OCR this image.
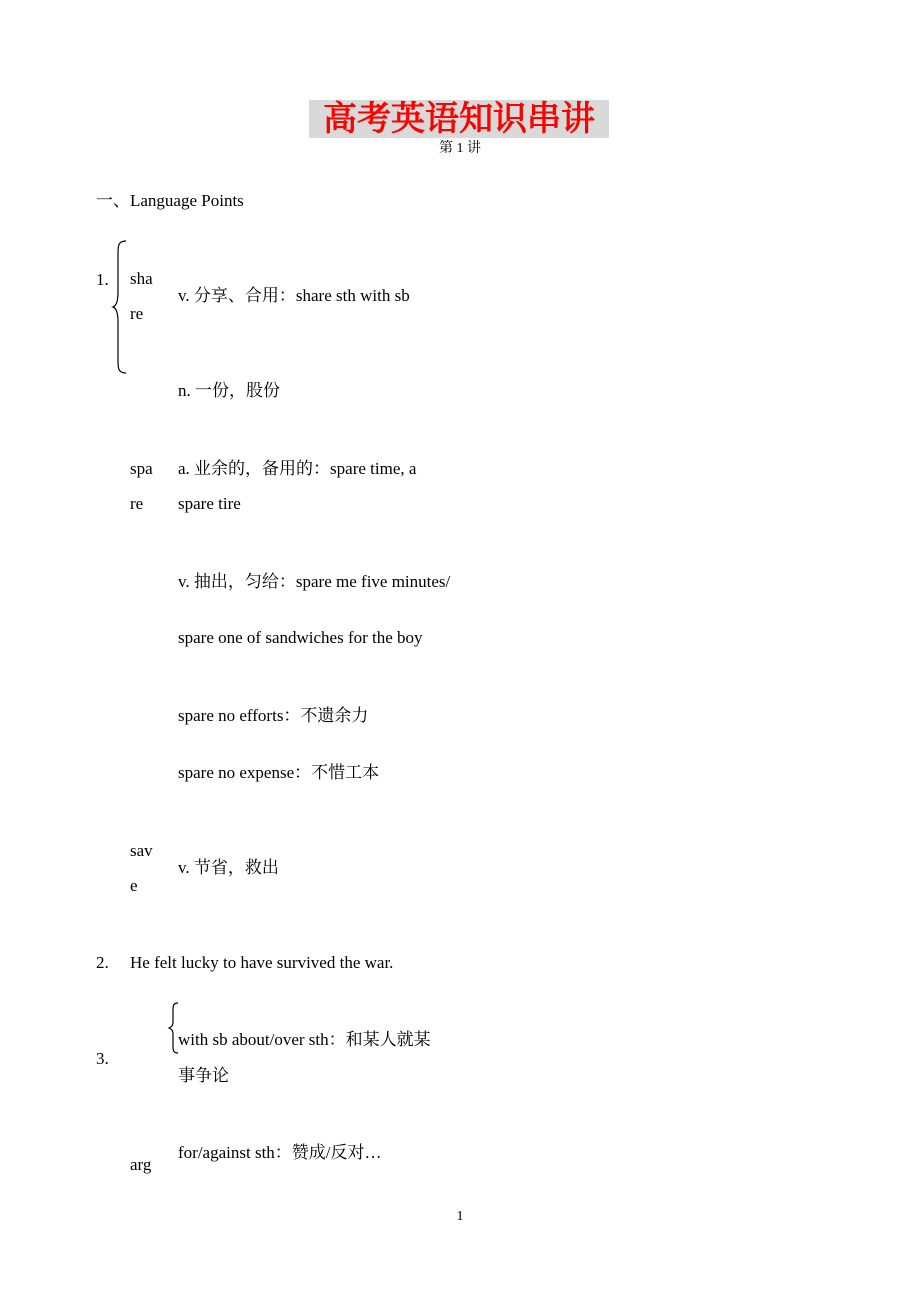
高考英语知识串讲
第 1 讲
一、Language Points
1. sha
re
v. 分享、合用：share sth with sb
n. 一份，股份
spa
re
a. 业余的，备用的：spare time, a
spare tire
v. 抽出，匀给：spare me five minutes/
spare one of sandwiches for the boy
spare no efforts：不遗余力
spare no expense：不惜工本
sav
e
v. 节省，救出
2. He felt lucky to have survived the war.
3.
with sb about/over sth：和某人就某
事争论
for/against sth：赞成/反对…
arg
1
